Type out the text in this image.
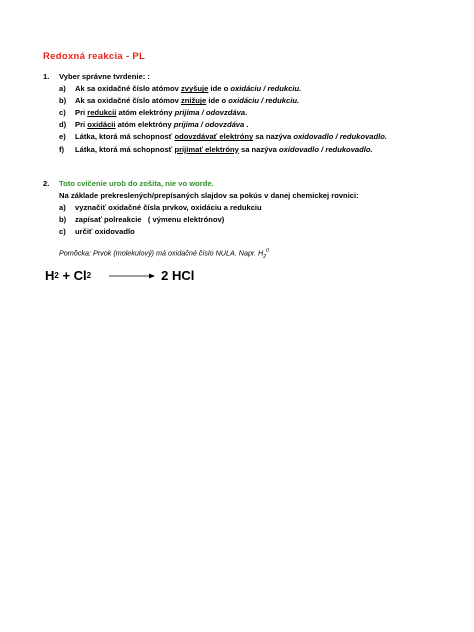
Redoxná reakcia - PL
1.	Vyber správne tvrdenie: :
a)	Ak sa oxidačné číslo atómov zvyšuje ide o oxidáciu / redukciu.
b)	Ak sa oxidačné číslo atómov znižuje ide o oxidáciu / redukciu.
c)	Pri redukcii atóm elektróny prijíma / odovzdáva .
d)	Pri oxidácii atóm elektróny prijíma / odovzdáva .
e)	Látka, ktorá má schopnosť odovzdávať elektróny sa nazýva oxidovadlo / redukovadlo.
f)	Látka, ktorá má schopnosť prijímať elektróny sa nazýva oxidovadlo / redukovadlo.
2.	Toto cvičenie urob do zošita, nie vo worde.
Na základe prekreslených/prepísaných slajdov sa pokús v danej chemickej rovnici:
a)	vyznačiť oxidačné čísla prvkov, oxidáciu a redukciu
b)	zapísať polreakcie   ( výmenu elektrónov)
c)	určiť oxidovadlo
Pomôcka: Prvok (molekulový) má oxidačné číslo NULA. Napr. $H_2^0$
H 2 + Cl 2 → 2 HCl
